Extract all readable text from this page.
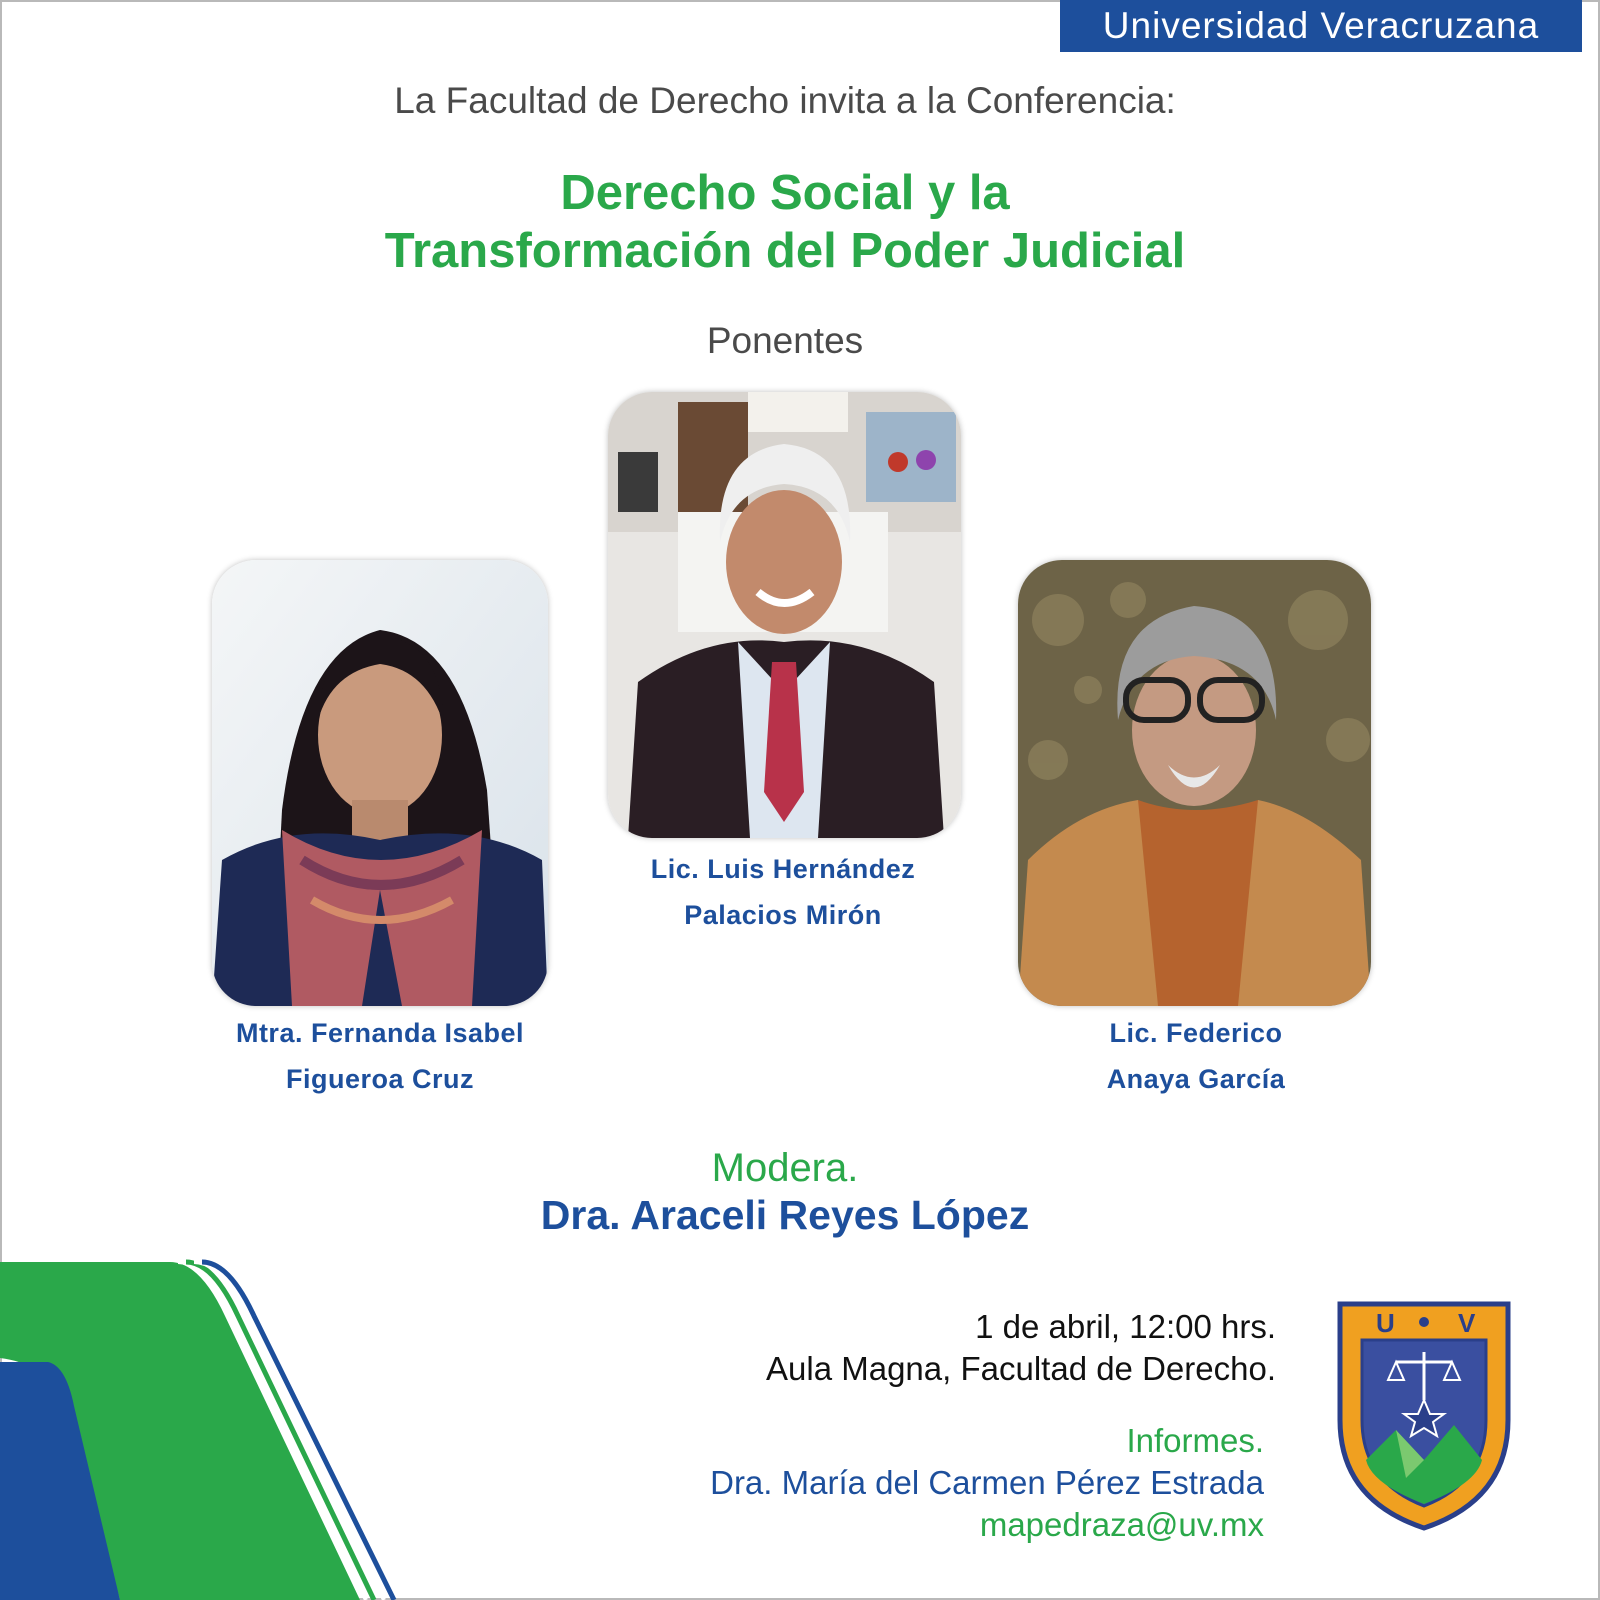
Universidad Veracruzana
La Facultad de Derecho invita a la Conferencia:
Derecho Social y la
Transformación del Poder Judicial
Ponentes
Mtra. Fernanda Isabel
Figueroa Cruz
Lic. Luis Hernández
Palacios Mirón
Lic. Federico
Anaya García
Modera.
Dra. Araceli Reyes López
1 de abril, 12:00 hrs.
Aula Magna, Facultad de Derecho.
Informes.
Dra. María del Carmen Pérez Estrada
mapedraza@uv.mx
U V
